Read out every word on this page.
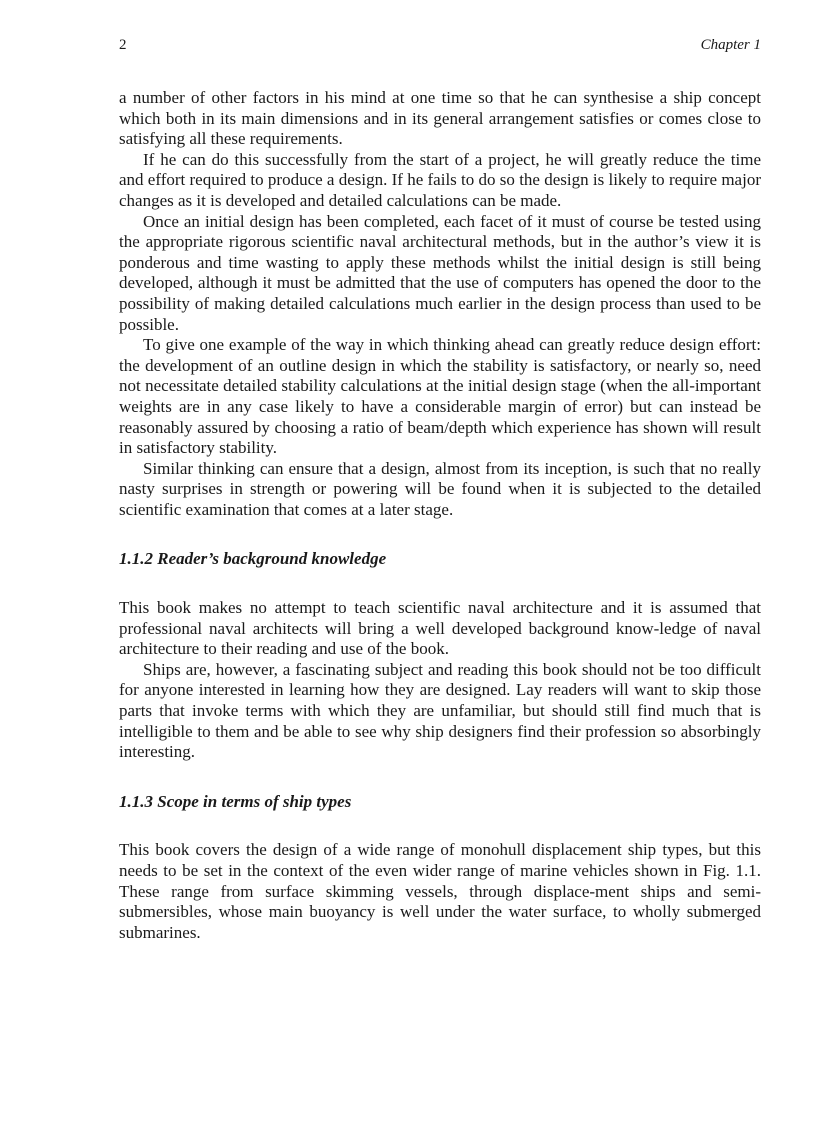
2	Chapter 1

a number of other factors in his mind at one time so that he can synthesise a ship concept which both in its main dimensions and in its general arrangement satisfies or comes close to satisfying all these requirements.

If he can do this successfully from the start of a project, he will greatly reduce the time and effort required to produce a design. If he fails to do so the design is likely to require major changes as it is developed and detailed calculations can be made.

Once an initial design has been completed, each facet of it must of course be tested using the appropriate rigorous scientific naval architectural methods, but in the author’s view it is ponderous and time wasting to apply these methods whilst the initial design is still being developed, although it must be admitted that the use of computers has opened the door to the possibility of making detailed calculations much earlier in the design process than used to be possible.

To give one example of the way in which thinking ahead can greatly reduce design effort: the development of an outline design in which the stability is satisfactory, or nearly so, need not necessitate detailed stability calculations at the initial design stage (when the all-important weights are in any case likely to have a considerable margin of error) but can instead be reasonably assured by choosing a ratio of beam/depth which experience has shown will result in satisfactory stability.

Similar thinking can ensure that a design, almost from its inception, is such that no really nasty surprises in strength or powering will be found when it is subjected to the detailed scientific examination that comes at a later stage.

1.1.2 Reader’s background knowledge

This book makes no attempt to teach scientific naval architecture and it is assumed that professional naval architects will bring a well developed background know-ledge of naval architecture to their reading and use of the book.

Ships are, however, a fascinating subject and reading this book should not be too difficult for anyone interested in learning how they are designed. Lay readers will want to skip those parts that invoke terms with which they are unfamiliar, but should still find much that is intelligible to them and be able to see why ship designers find their profession so absorbingly interesting.

1.1.3 Scope in terms of ship types

This book covers the design of a wide range of monohull displacement ship types, but this needs to be set in the context of the even wider range of marine vehicles shown in Fig. 1.1. These range from surface skimming vessels, through displace-ment ships and semi-submersibles, whose main buoyancy is well under the water surface, to wholly submerged submarines.
